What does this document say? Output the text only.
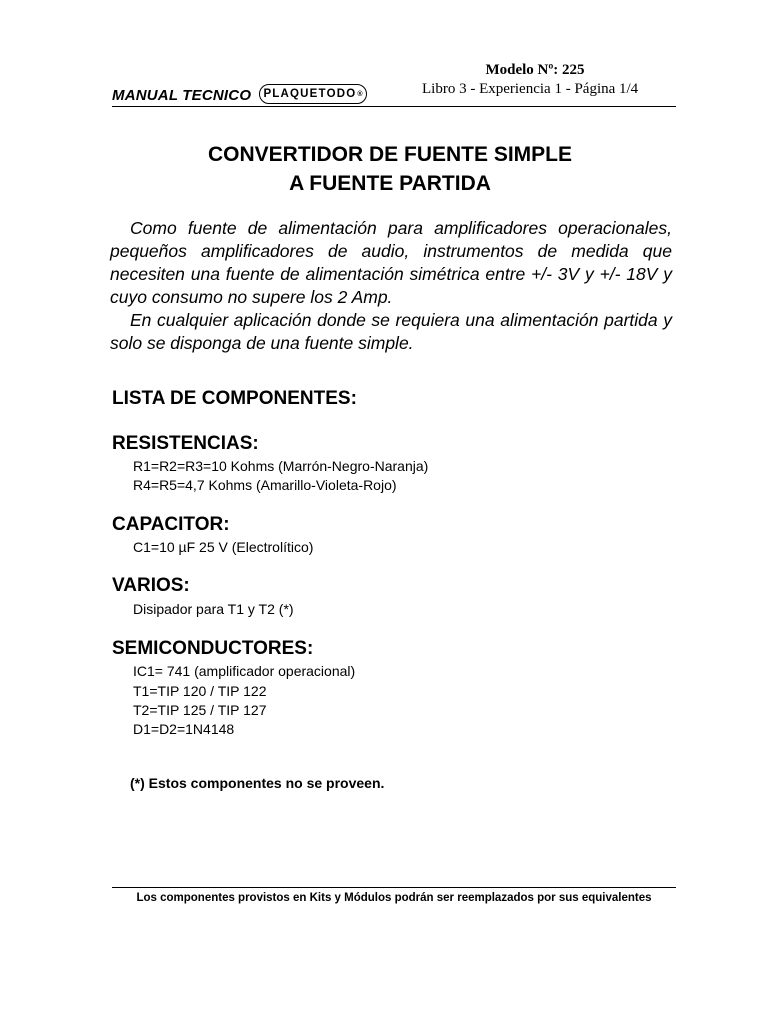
Modelo Nº: 225
Libro 3 - Experiencia 1 - Página 1/4
MANUAL TECNICO PLAQUETODO ®
CONVERTIDOR DE FUENTE SIMPLE
A FUENTE PARTIDA

Como fuente de alimentación para amplificadores operacionales, pequeños amplificadores de audio, instrumentos de medida que necesiten una fuente de alimentación simétrica entre +/- 3V y +/- 18V y cuyo consumo no supere los 2 Amp.

En cualquier aplicación donde se requiera una alimentación partida y solo se disponga de una fuente simple.

LISTA DE COMPONENTES:
RESISTENCIAS:
R1=R2=R3=10 Kohms (Marrón-Negro-Naranja)
R4=R5=4,7 Kohms (Amarillo-Violeta-Rojo)
CAPACITOR:
C1=10 µF 25 V (Electrolítico)
VARIOS:
Disipador para T1 y T2 (*)
SEMICONDUCTORES:
IC1= 741 (amplificador operacional)
T1=TIP 120 / TIP 122
T2=TIP 125 / TIP 127
D1=D2=1N4148
(*) Estos componentes no se proveen.
Los componentes provistos en Kits y Módulos podrán ser reemplazados por sus equivalentes
